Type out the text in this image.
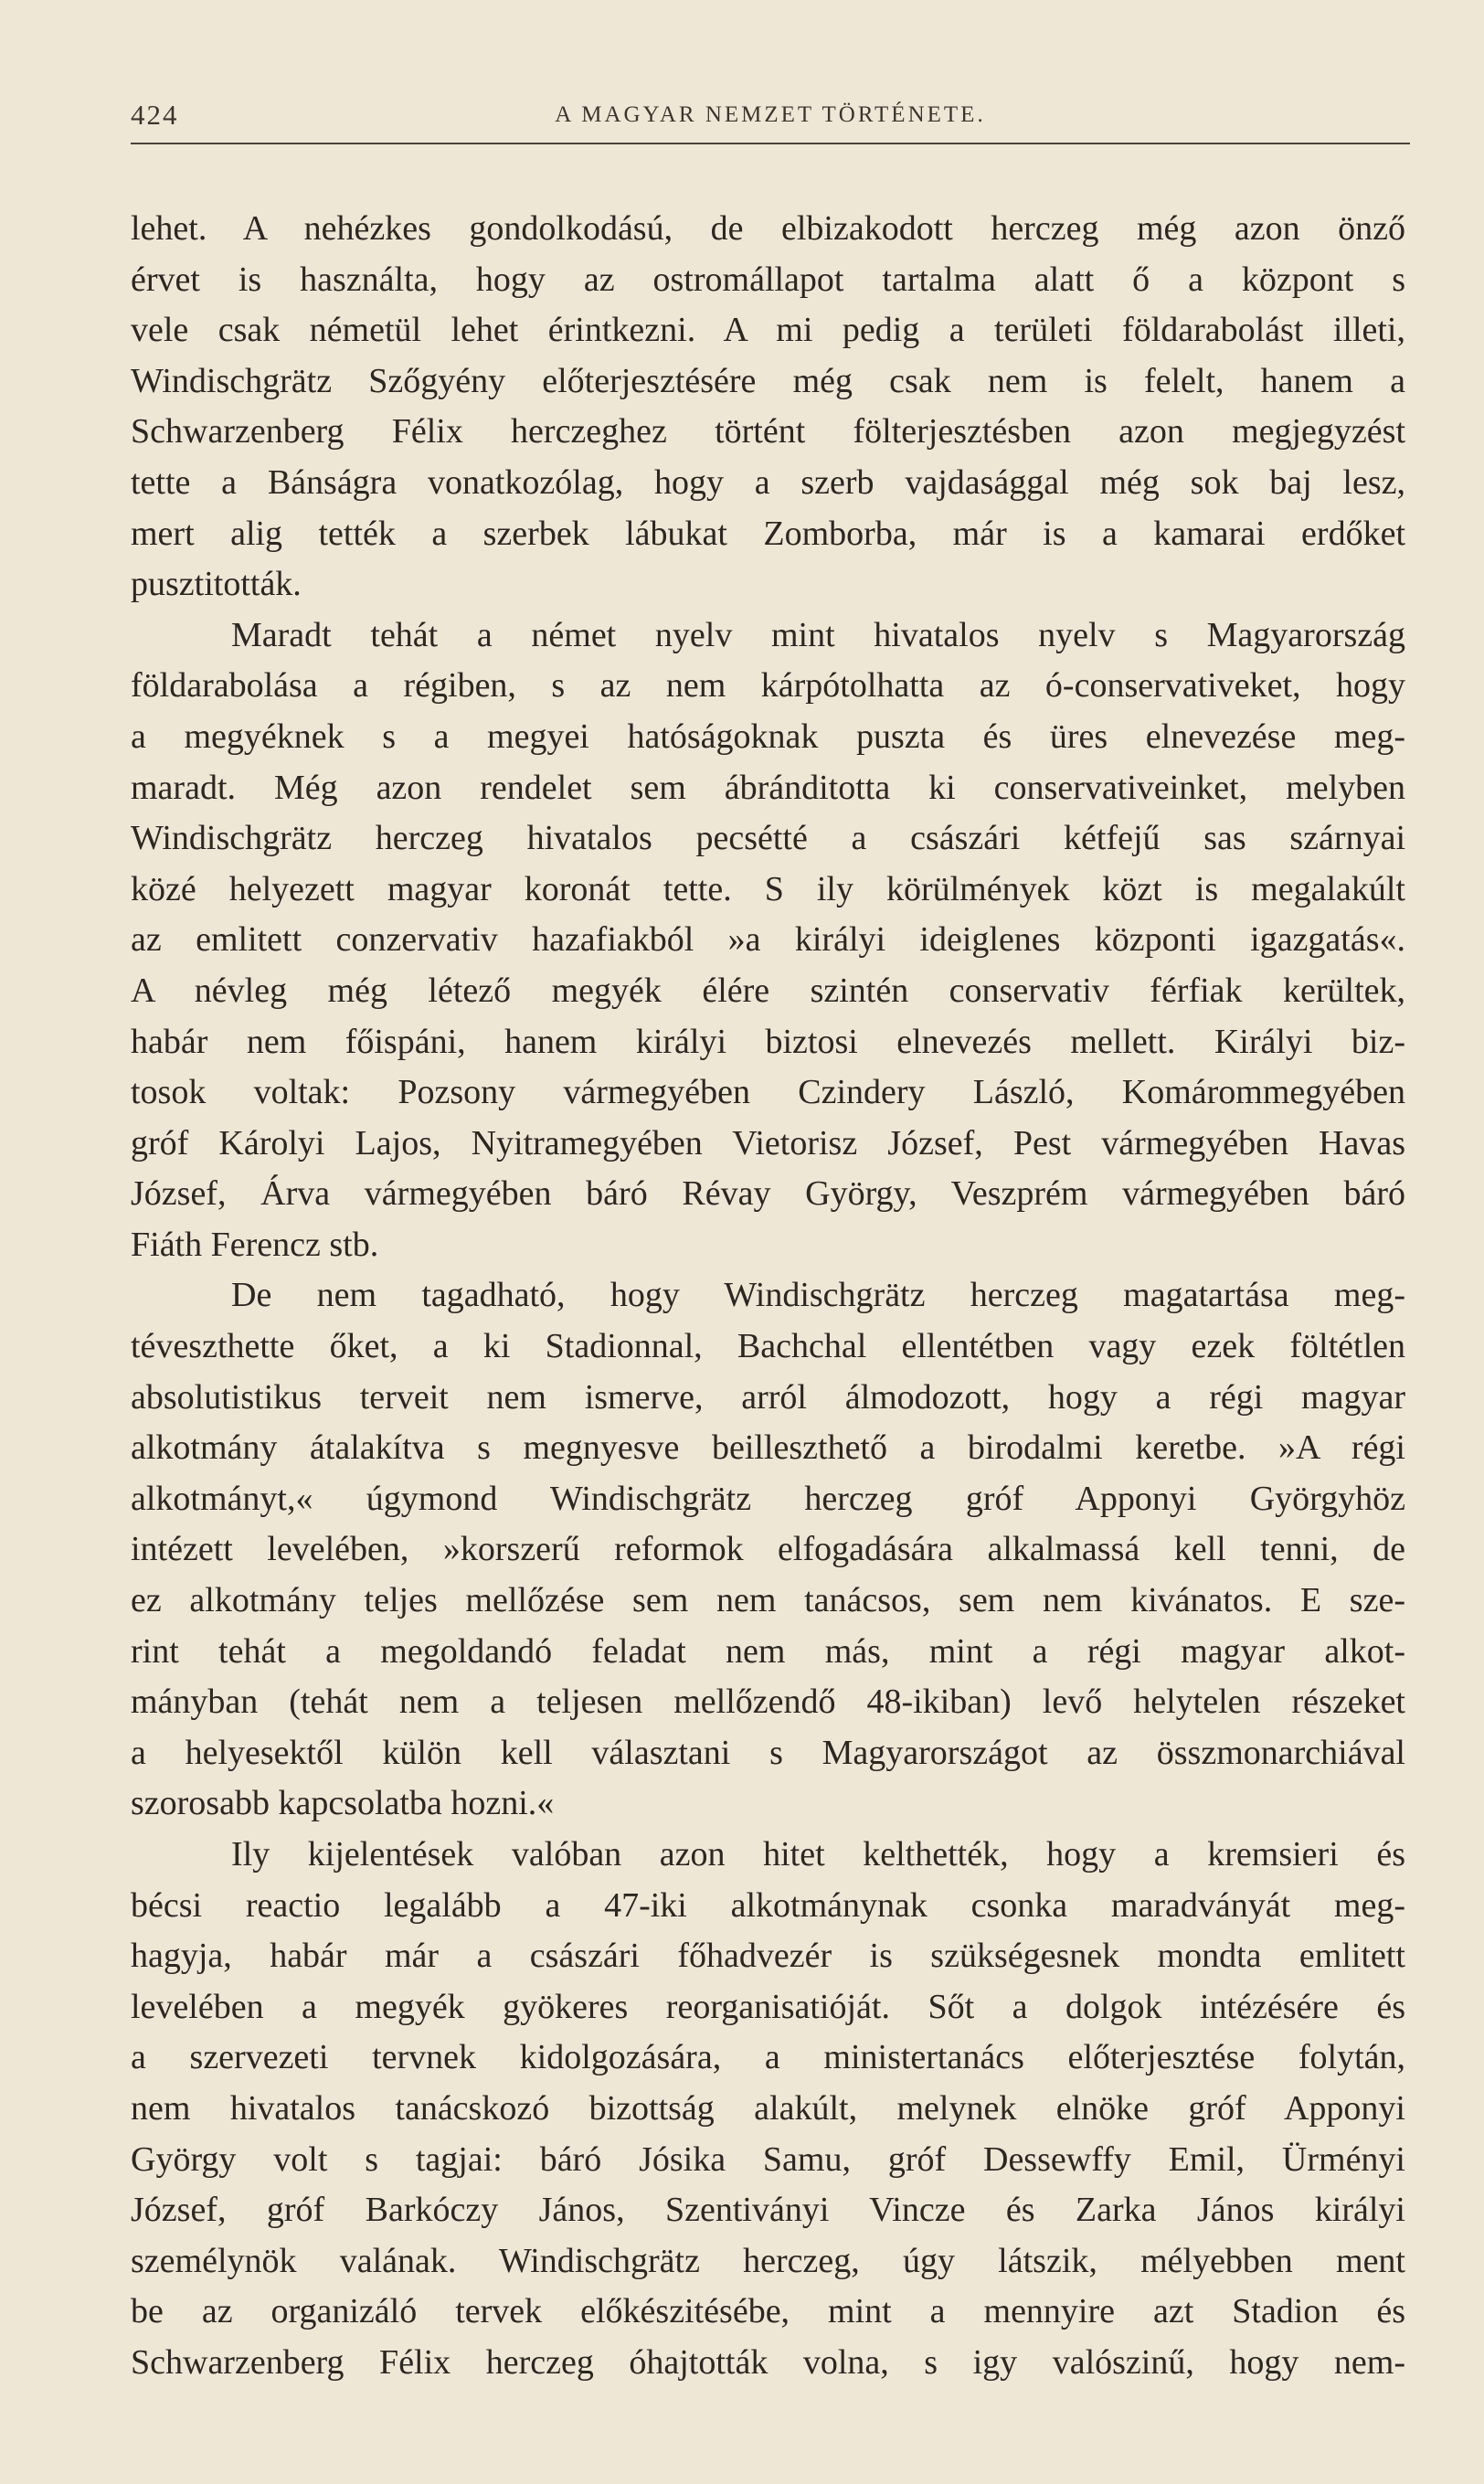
424	A MAGYAR NEMZET TÖRTÉNETE.
lehet. A nehézkes gondolkodású, de elbizakodott herczeg még azon önző
érvet is használta, hogy az ostromállapot tartalma alatt ő a központ s
vele csak németül lehet érintkezni. A mi pedig a területi földarabolást illeti,
Windischgrätz Szőgyény előterjesztésére még csak nem is felelt, hanem a
Schwarzenberg Félix herczeghez történt fölterjesztésben azon megjegyzést
tette a Bánságra vonatkozólag, hogy a szerb vajdasággal még sok baj lesz,
mert alig tették a szerbek lábukat Zomborba, már is a kamarai erdőket
pusztitották.
Maradt tehát a német nyelv mint hivatalos nyelv s Magyarország
földarabolása a régiben, s az nem kárpótolhatta az ó-conservativeket, hogy
a megyéknek s a megyei hatóságoknak puszta és üres elnevezése meg-
maradt. Még azon rendelet sem ábránditotta ki conservativeinket, melyben
Windischgrätz herczeg hivatalos pecsétté a császári kétfejű sas szárnyai
közé helyezett magyar koronát tette. S ily körülmények közt is megalakúlt
az emlitett conzervativ hazafiakból »a királyi ideiglenes központi igazgatás«.
A névleg még létező megyék élére szintén conservativ férfiak kerültek,
habár nem főispáni, hanem királyi biztosi elnevezés mellett. Királyi biz-
tosok voltak: Pozsony vármegyében Czindery László, Komárommegyében
gróf Károlyi Lajos, Nyitramegyében Vietorisz József, Pest vármegyében Havas
József, Árva vármegyében báró Révay György, Veszprém vármegyében báró
Fiáth Ferencz stb.
De nem tagadható, hogy Windischgrätz herczeg magatartása meg-
téveszthette őket, a ki Stadionnal, Bachchal ellentétben vagy ezek föltétlen
absolutistikus terveit nem ismerve, arról álmodozott, hogy a régi magyar
alkotmány átalakítva s megnyesve beilleszthető a birodalmi keretbe. »A régi
alkotmányt,« úgymond Windischgrätz herczeg gróf Apponyi Györgyhöz
intézett levelében, »korszerű reformok elfogadására alkalmassá kell tenni, de
ez alkotmány teljes mellőzése sem nem tanácsos, sem nem kivánatos. E sze-
rint tehát a megoldandó feladat nem más, mint a régi magyar alkot-
mányban (tehát nem a teljesen mellőzendő 48-ikiban) levő helytelen részeket
a helyesektől külön kell választani s Magyarországot az összmonarchiával
szorosabb kapcsolatba hozni.«
Ily kijelentések valóban azon hitet kelthették, hogy a kremsieri és
bécsi reactio legalább a 47-iki alkotmánynak csonka maradványát meg-
hagyja, habár már a császári főhadvezér is szükségesnek mondta emlitett
levelében a megyék gyökeres reorganisatióját. Sőt a dolgok intézésére és
a szervezeti tervnek kidolgozására, a ministertanács előterjesztése folytán,
nem hivatalos tanácskozó bizottság alakúlt, melynek elnöke gróf Apponyi
György volt s tagjai: báró Jósika Samu, gróf Dessewffy Emil, Ürményi
József, gróf Barkóczy János, Szentiványi Vincze és Zarka János királyi
személynök valának. Windischgrätz herczeg, úgy látszik, mélyebben ment
be az organizáló tervek előkészitésébe, mint a mennyire azt Stadion és
Schwarzenberg Félix herczeg óhajtották volna, s igy valószinű, hogy nem-
